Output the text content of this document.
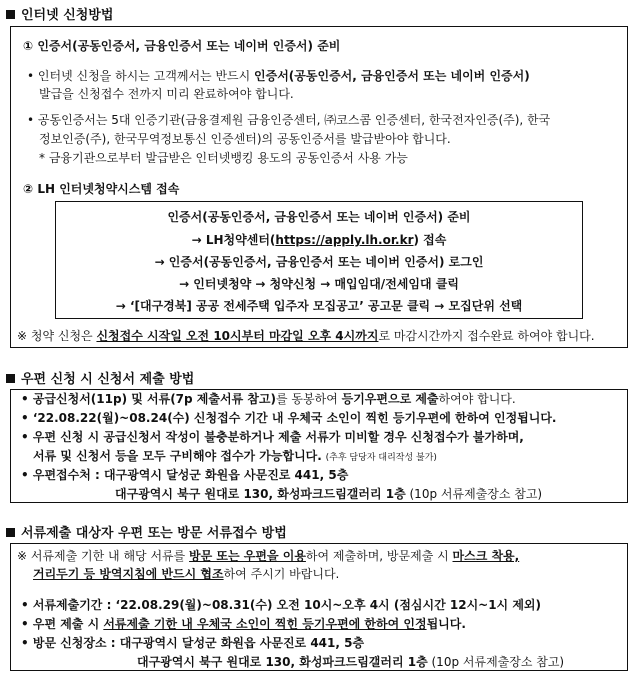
인터넷 신청방법
① 인증서(공동인증서, 금융인증서 또는 네이버 인증서) 준비
• 인터넷 신청을 하시는 고객께서는 반드시 인증서(공동인증서, 금융인증서 또는 네이버 인증서)
발급을 신청접수 전까지 미리 완료하여야 합니다.
• 공동인증서는 5대 인증기관(금융결제원 금융인증센터, ㈜코스콤 인증센터, 한국전자인증(주), 한국
정보인증(주), 한국무역정보통신 인증센터)의 공동인증서를 발급받아야 합니다.
* 금융기관으로부터 발급받은 인터넷뱅킹 용도의 공동인증서 사용 가능
② LH 인터넷청약시스템 접속
인증서(공동인증서, 금융인증서 또는 네이버 인증서) 준비
→ LH청약센터(https://apply.lh.or.kr) 접속
→ 인증서(공동인증서, 금융인증서 또는 네이버 인증서) 로그인
→ 인터넷청약 → 청약신청 → 매입임대/전세임대 클릭
→ ‘[대구경북] 공공 전세주택 입주자 모집공고’ 공고문 클릭 → 모집단위 선택
※ 청약 신청은 신청접수 시작일 오전 10시부터 마감일 오후 4시까지로 마감시간까지 접수완료 하여야 합니다.
우편 신청 시 신청서 제출 방법
• 공급신청서(11p) 및 서류(7p 제출서류 참고)를 동봉하여 등기우편으로 제출하여야 합니다.
• ‘22.08.22(월)~08.24(수) 신청접수 기간 내 우체국 소인이 찍힌 등기우편에 한하여 인정됩니다.
• 우편 신청 시 공급신청서 작성이 불충분하거나 제출 서류가 미비할 경우 신청접수가 불가하며,
서류 및 신청서 등을 모두 구비해야 접수가 가능합니다. (추후 담당자 대리작성 불가)
• 우편접수처 : 대구광역시 달성군 화원읍 사문진로 441, 5층
대구광역시 북구 원대로 130, 화성파크드림갤러리 1층 (10p 서류제출장소 참고)
서류제출 대상자 우편 또는 방문 서류접수 방법
※ 서류제출 기한 내 해당 서류를 방문 또는 우편을 이용하여 제출하며, 방문제출 시 마스크 착용,
거리두기 등 방역지침에 반드시 협조하여 주시기 바랍니다.
• 서류제출기간 : ‘22.08.29(월)~08.31(수) 오전 10시~오후 4시 (점심시간 12시~1시 제외)
• 우편 제출 시 서류제출 기한 내 우체국 소인이 찍힌 등기우편에 한하여 인정됩니다.
• 방문 신청장소 : 대구광역시 달성군 화원읍 사문진로 441, 5층
대구광역시 북구 원대로 130, 화성파크드림갤러리 1층 (10p 서류제출장소 참고)
